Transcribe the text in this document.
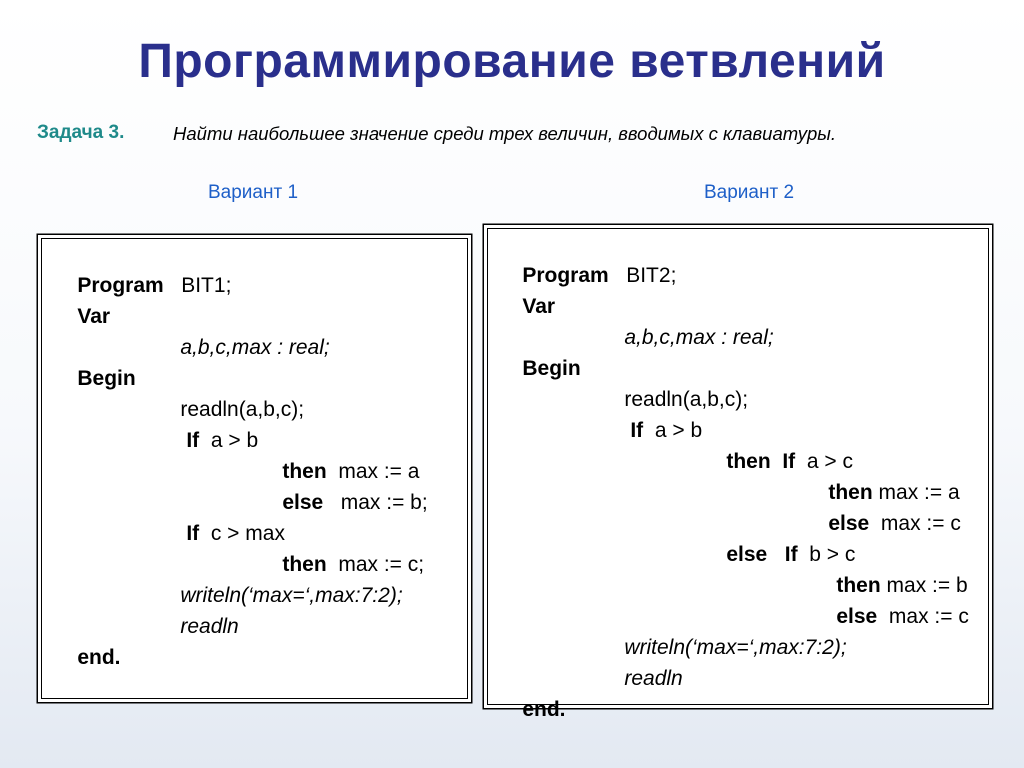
Программирование ветвлений
Задача 3.	Найти наибольшее значение среди трех величин, вводимых с клавиатуры.
Вариант 1	Вариант 2

Program BIT1;

Var

a,b,c,max : real;

Begin

readln(a,b,c);

If a > b

then max := a

else max := b;

If c > max

then max := c;

writeln(‘max=‘,max:7:2);

readln

end.

Program BIT2;

Var

a,b,c,max : real;

Begin

readln(a,b,c);

If a > b

then If a > c

then max := a

else max := c

else If b > c

then max := b

else max := c

writeln(‘max=‘,max:7:2);

readln

end.
